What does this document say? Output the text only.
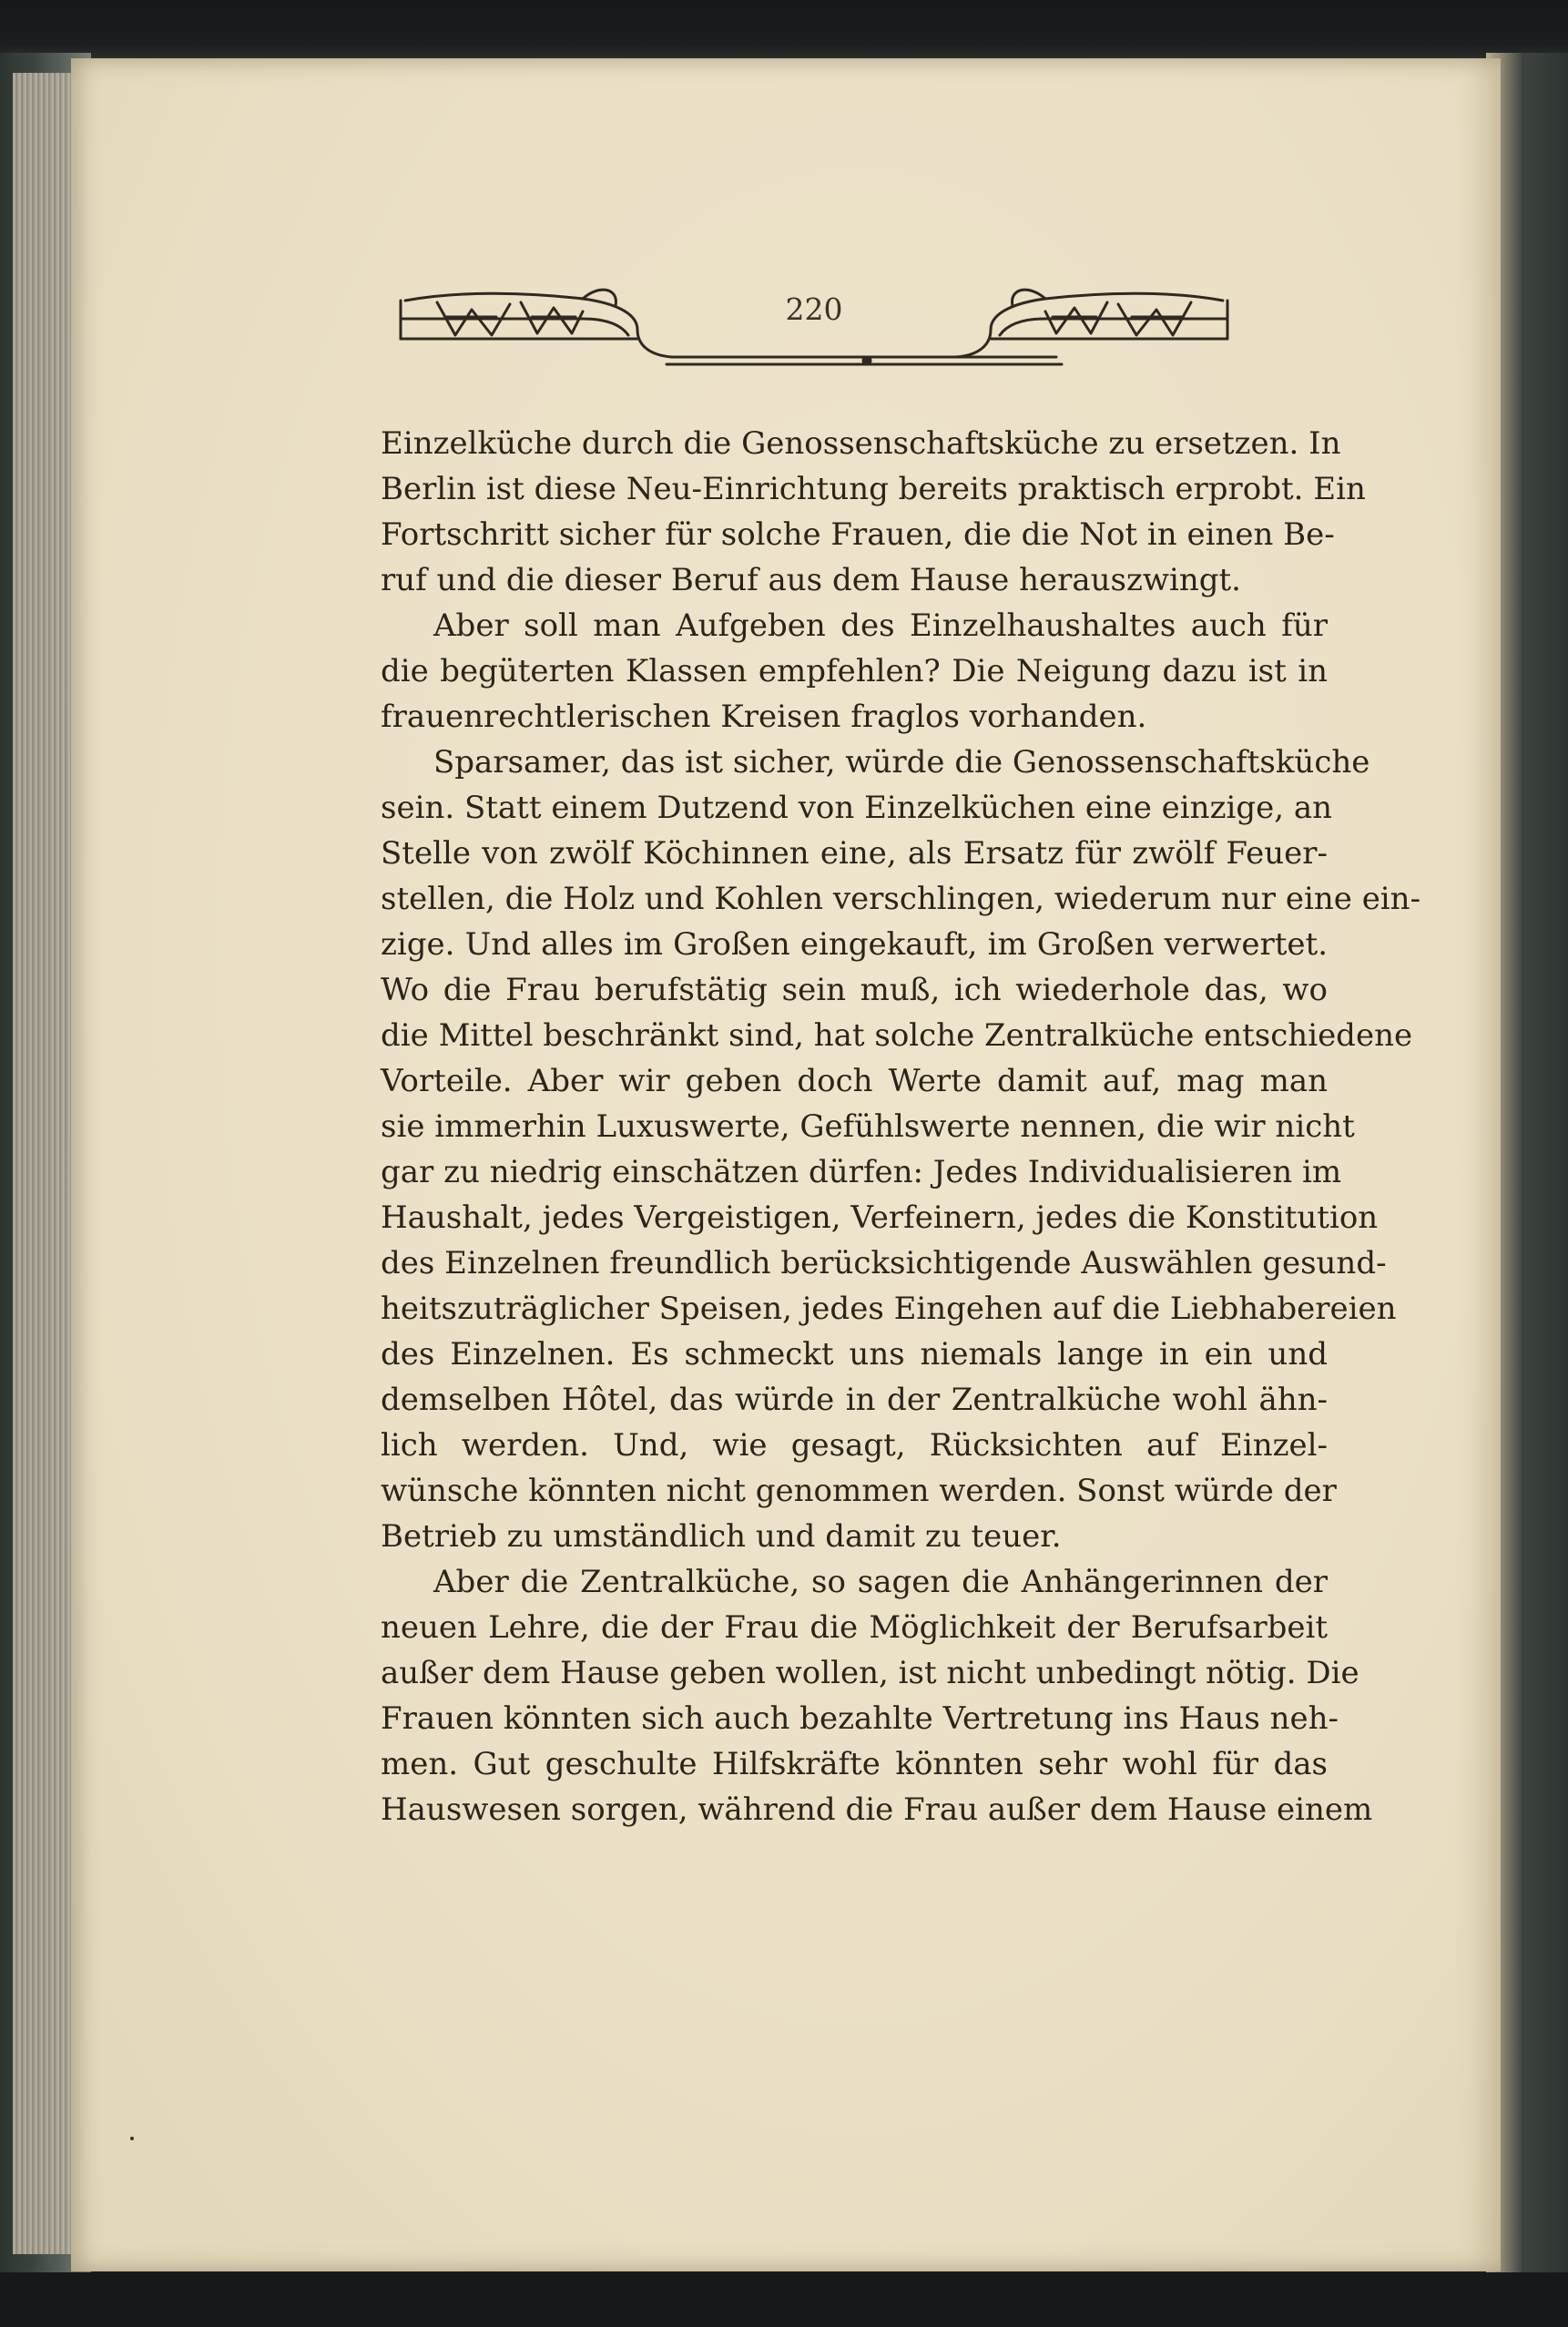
220
Einzelküche durch die Genossenschaftsküche zu ersetzen. In
Berlin ist diese Neu-Einrichtung bereits praktisch erprobt. Ein
Fortschritt sicher für solche Frauen, die die Not in einen Be-
ruf und die dieser Beruf aus dem Hause herauszwingt.
Aber soll man Aufgeben des Einzelhaushaltes auch für
die begüterten Klassen empfehlen? Die Neigung dazu ist in
frauenrechtlerischen Kreisen fraglos vorhanden.
Sparsamer, das ist sicher, würde die Genossenschaftsküche
sein. Statt einem Dutzend von Einzelküchen eine einzige, an
Stelle von zwölf Köchinnen eine, als Ersatz für zwölf Feuer-
stellen, die Holz und Kohlen verschlingen, wiederum nur eine ein-
zige. Und alles im Großen eingekauft, im Großen verwertet.
Wo die Frau berufstätig sein muß, ich wiederhole das, wo
die Mittel beschränkt sind, hat solche Zentralküche entschiedene
Vorteile. Aber wir geben doch Werte damit auf, mag man
sie immerhin Luxuswerte, Gefühlswerte nennen, die wir nicht
gar zu niedrig einschätzen dürfen: Jedes Individualisieren im
Haushalt, jedes Vergeistigen, Verfeinern, jedes die Konstitution
des Einzelnen freundlich berücksichtigende Auswählen gesund-
heitszuträglicher Speisen, jedes Eingehen auf die Liebhabereien
des Einzelnen. Es schmeckt uns niemals lange in ein und
demselben Hôtel, das würde in der Zentralküche wohl ähn-
lich werden. Und, wie gesagt, Rücksichten auf Einzel-
wünsche könnten nicht genommen werden. Sonst würde der
Betrieb zu umständlich und damit zu teuer.
Aber die Zentralküche, so sagen die Anhängerinnen der
neuen Lehre, die der Frau die Möglichkeit der Berufsarbeit
außer dem Hause geben wollen, ist nicht unbedingt nötig. Die
Frauen könnten sich auch bezahlte Vertretung ins Haus neh-
men. Gut geschulte Hilfskräfte könnten sehr wohl für das
Hauswesen sorgen, während die Frau außer dem Hause einem
